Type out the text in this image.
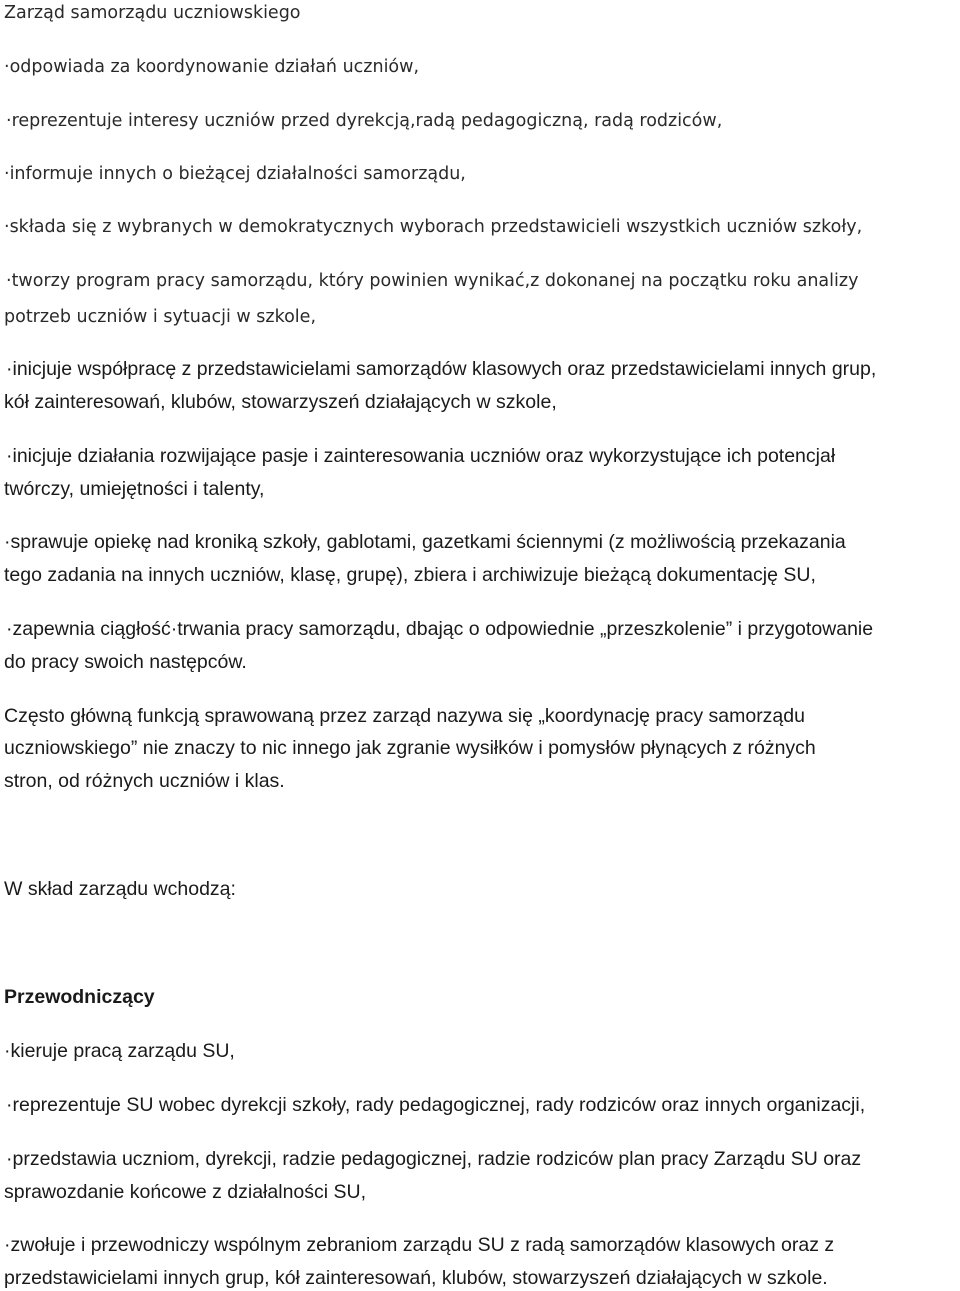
Zarząd samorządu uczniowskiego
·odpowiada za koordynowanie działań uczniów,
·reprezentuje interesy uczniów przed dyrekcją,radą pedagogiczną, radą rodziców,
·informuje innych o bieżącej działalności samorządu,
·składa się z wybranych w demokratycznych wyborach przedstawicieli wszystkich uczniów szkoły,
·tworzy program pracy samorządu, który powinien wynikać,z dokonanej na początku roku analizy
potrzeb uczniów i sytuacji w szkole,
·inicjuje współpracę z przedstawicielami samorządów klasowych oraz przedstawicielami innych grup,
kół zainteresowań, klubów, stowarzyszeń działających w szkole,
·inicjuje działania rozwijające pasje i zainteresowania uczniów oraz wykorzystujące ich potencjał
twórczy, umiejętności i talenty,
·sprawuje opiekę nad kroniką szkoły, gablotami, gazetkami ściennymi (z możliwością przekazania
tego zadania na innych uczniów, klasę, grupę), zbiera i archiwizuje bieżącą dokumentację SU,
·zapewnia ciągłość·trwania pracy samorządu, dbając o odpowiednie „przeszkolenie” i przygotowanie
do pracy swoich następców.
Często główną funkcją sprawowaną przez zarząd nazywa się „koordynację pracy samorządu
uczniowskiego” nie znaczy to nic innego jak zgranie wysiłków i pomysłów płynących z różnych
stron, od różnych uczniów i klas.
W skład zarządu wchodzą:
Przewodniczący
·kieruje pracą zarządu SU,
·reprezentuje SU wobec dyrekcji szkoły, rady pedagogicznej, rady rodziców oraz innych organizacji,
·przedstawia uczniom, dyrekcji, radzie pedagogicznej, radzie rodziców plan pracy Zarządu SU oraz
sprawozdanie końcowe z działalności SU,
·zwołuje i przewodniczy wspólnym zebraniom zarządu SU z radą samorządów klasowych oraz z
przedstawicielami innych grup, kół zainteresowań, klubów, stowarzyszeń działających w szkole.
